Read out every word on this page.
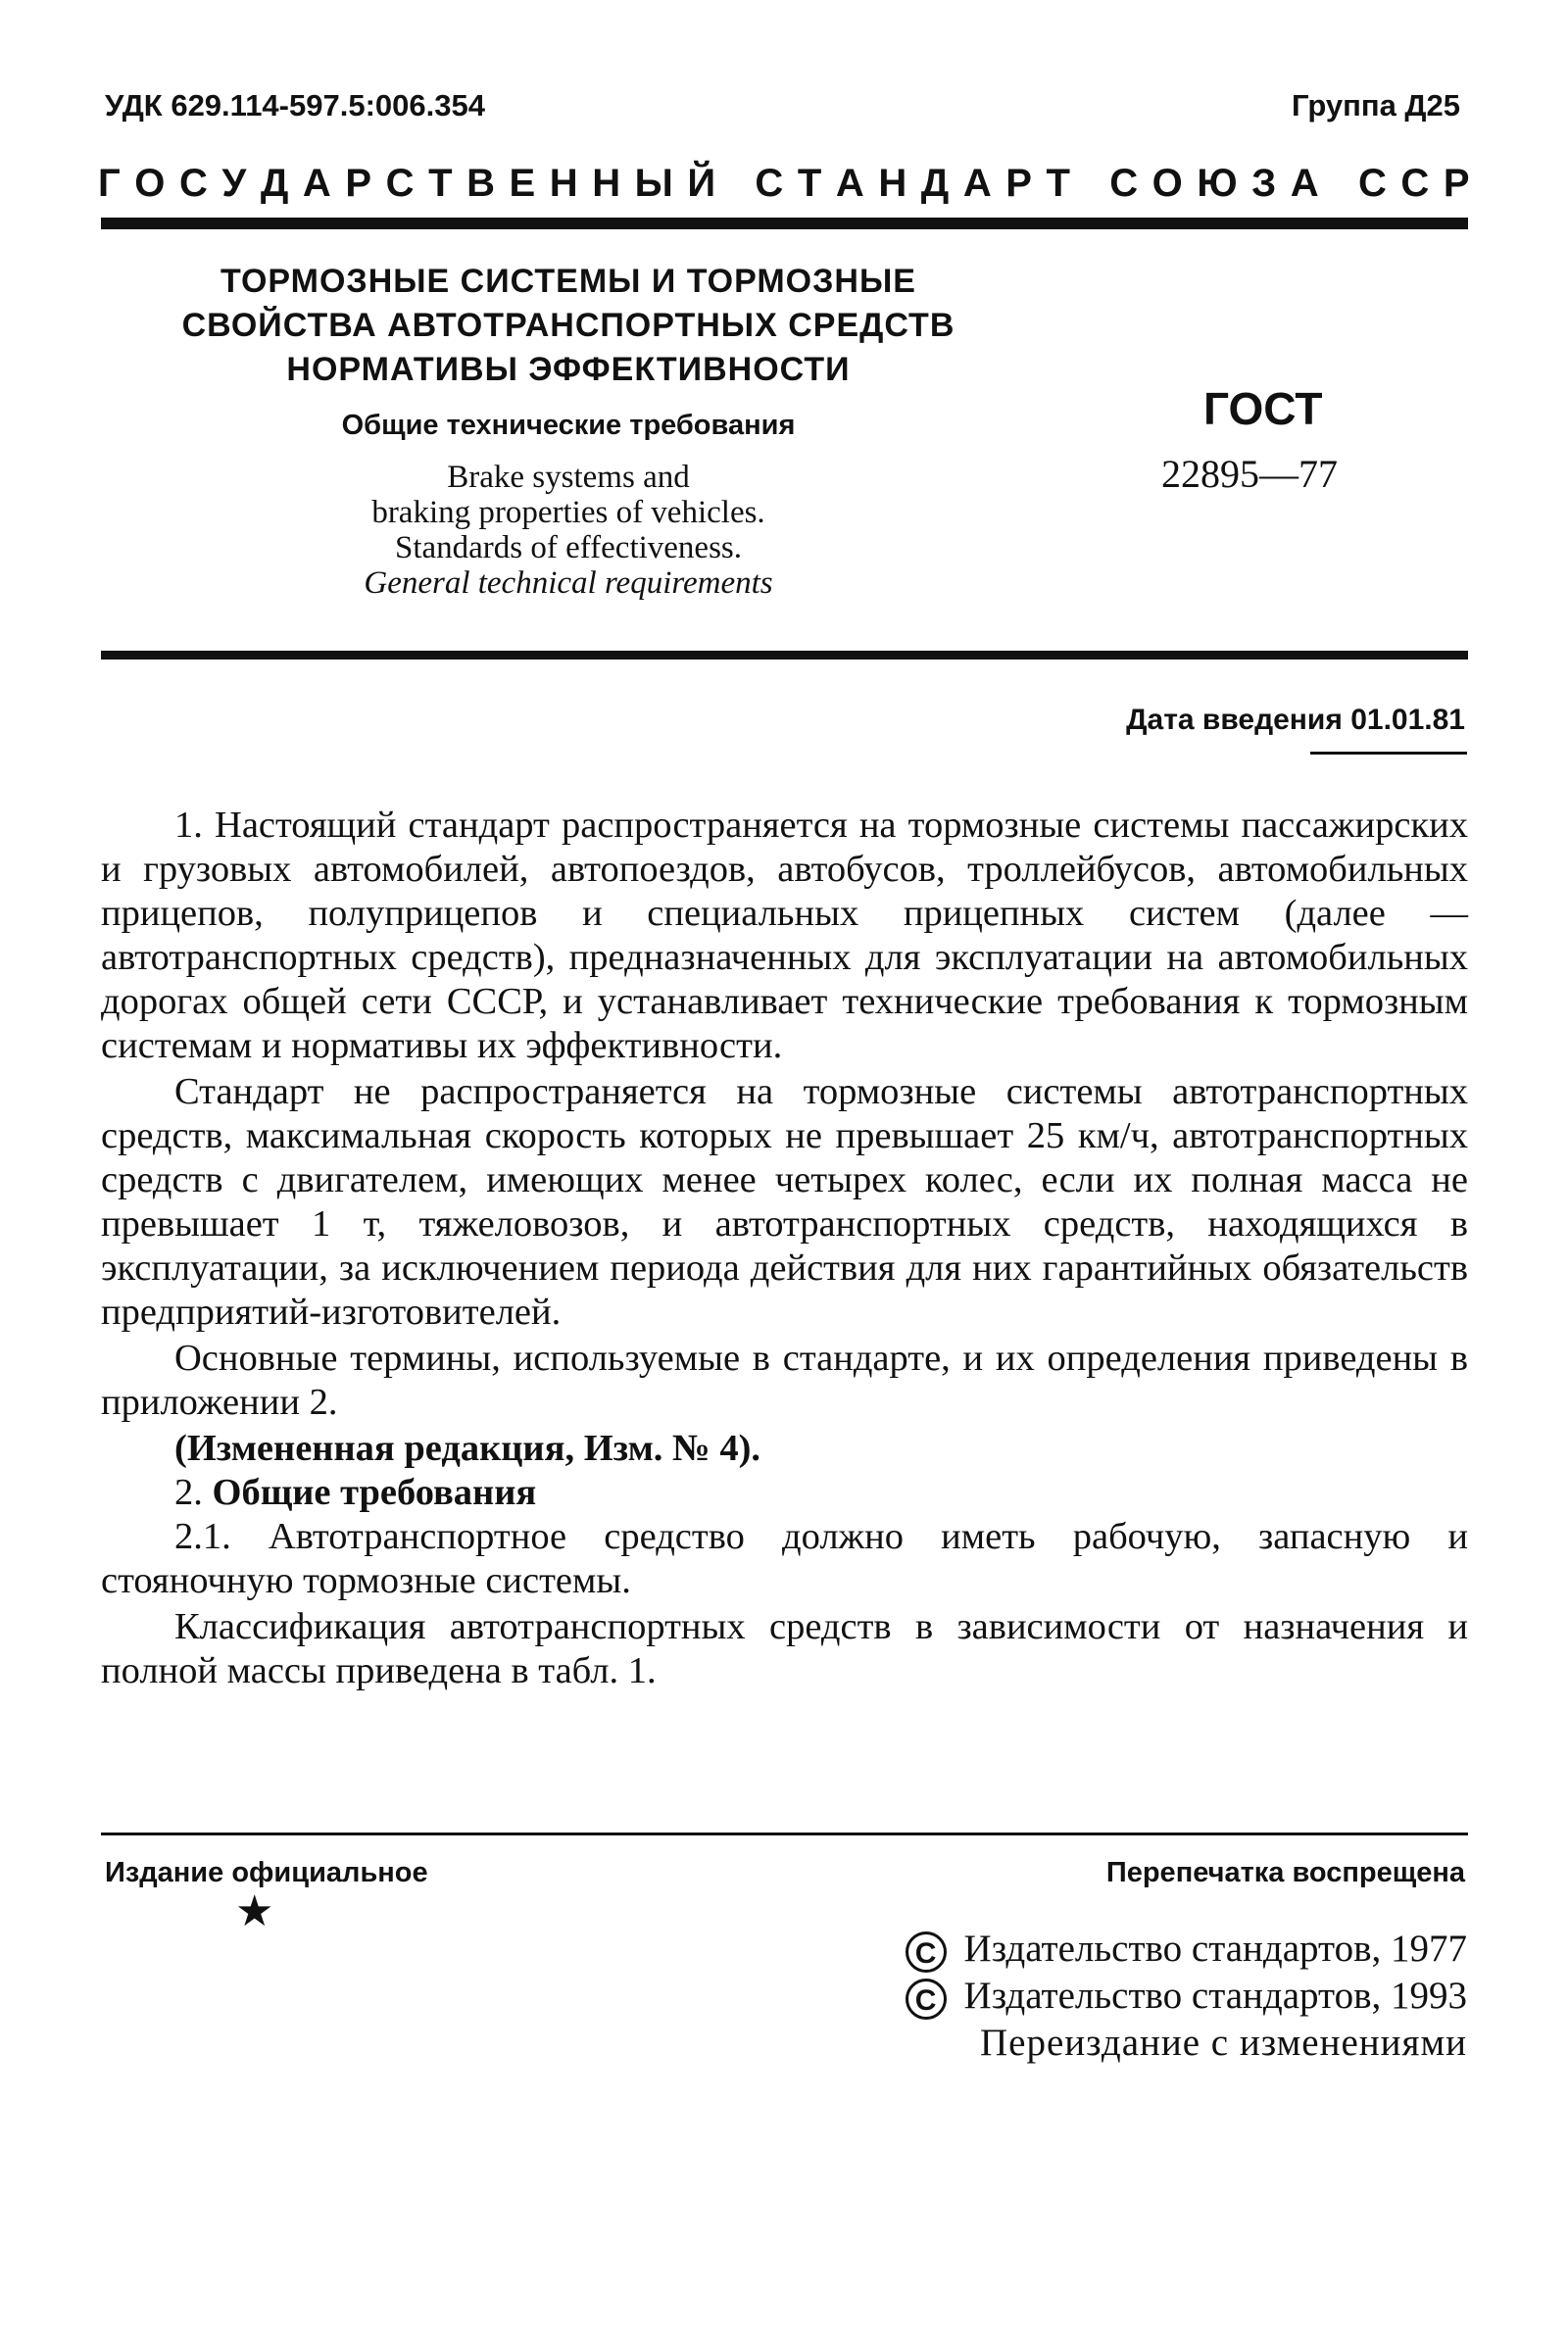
УДК 629.114-597.5:006.354	Группа Д25
Г О С У Д А Р С Т В Е Н Н Ы Й
С Т А Н Д А Р Т
С О Ю З А
С С Р
ТОРМОЗНЫЕ СИСТЕМЫ И ТОРМОЗНЫЕ
СВОЙСТВА АВТОТРАНСПОРТНЫХ СРЕДСТВ
НОРМАТИВЫ ЭФФЕКТИВНОСТИ
Общие технические требования
Brake systems and
braking properties of vehicles.
Standards of effectiveness.
General technical requirements
ГОСТ
22895—77
Дата введения 01.01.81

1. Настоящий стандарт распространяется на тормозные системы пассажирских и грузовых автомобилей, автопоездов, автобусов, троллейбусов, автомобильных прицепов, полуприцепов и специальных прицепных систем (далее — автотранспортных средств), предназначенных для эксплуатации на автомобильных дорогах общей сети СССР, и устанавливает технические требования к тормозным системам и нормативы их эффективности.

Стандарт не распространяется на тормозные системы автотранспортных средств, максимальная скорость которых не превышает 25 км/ч, автотранспортных средств с двигателем, имеющих менее четырех колес, если их полная масса не превышает 1 т, тяжеловозов, и автотранспортных средств, находящихся в эксплуатации, за исключением периода действия для них гарантийных обязательств предприятий-изготовителей.

Основные термины, используемые в стандарте, и их определения приведены в приложении 2.

(Измененная редакция, Изм. № 4).

2. Общие требования

2.1. Автотранспортное средство должно иметь рабочую, запасную и стояночную тормозные системы.

Классификация автотранспортных средств в зависимости от назначения и полной массы приведена в табл. 1.

Издание официальное	Перепечатка воспрещена
★
C Издательство стандартов, 1977
C Издательство стандартов, 1993
Переиздание с изменениями
